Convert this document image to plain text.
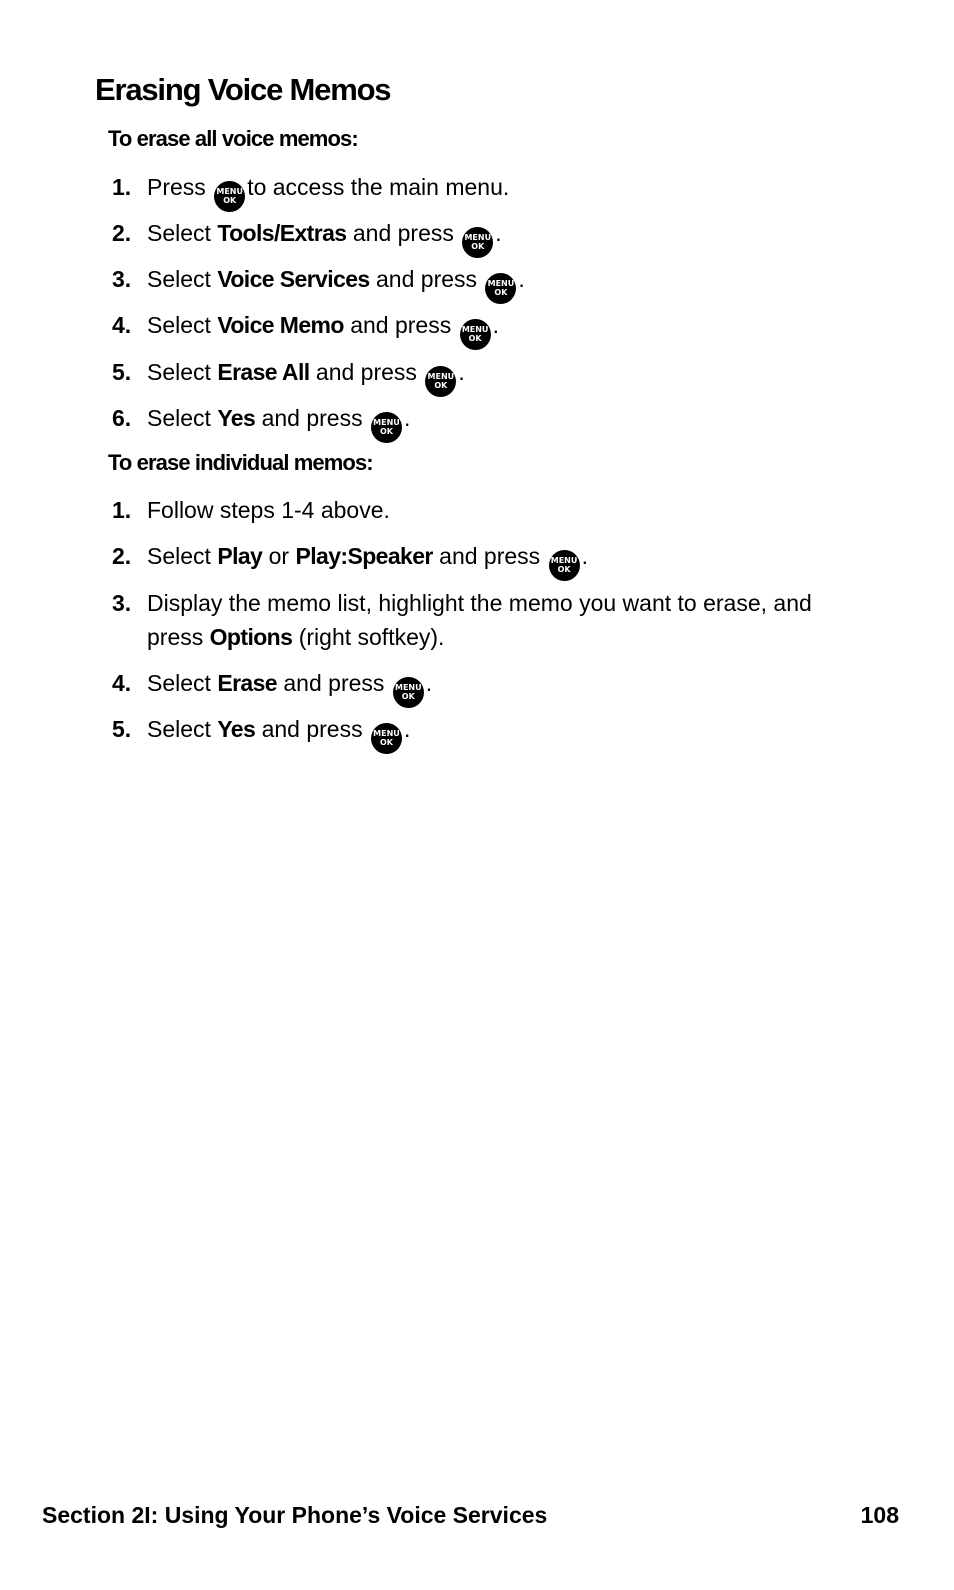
Erasing Voice Memos
To erase all voice memos:
1. Press MENU
OK
to access the main menu.
2. Select Tools/Extras and press MENU
OK
.
3. Select Voice Services and press MENU
OK
.
4. Select Voice Memo and press MENU
OK
.
5. Select Erase All and press MENU
OK
.
6. Select Yes and press MENU
OK
.
To erase individual memos:
1. Follow steps 1-4 above.
2. Select Play or Play:Speaker and press MENU
OK
.
3. Display the memo list, highlight the memo you want to erase, and press Options (right softkey).
4. Select Erase and press MENU
OK
.
5. Select Yes and press MENU
OK
.
Section 2I: Using Your Phone’s Voice Services	108
